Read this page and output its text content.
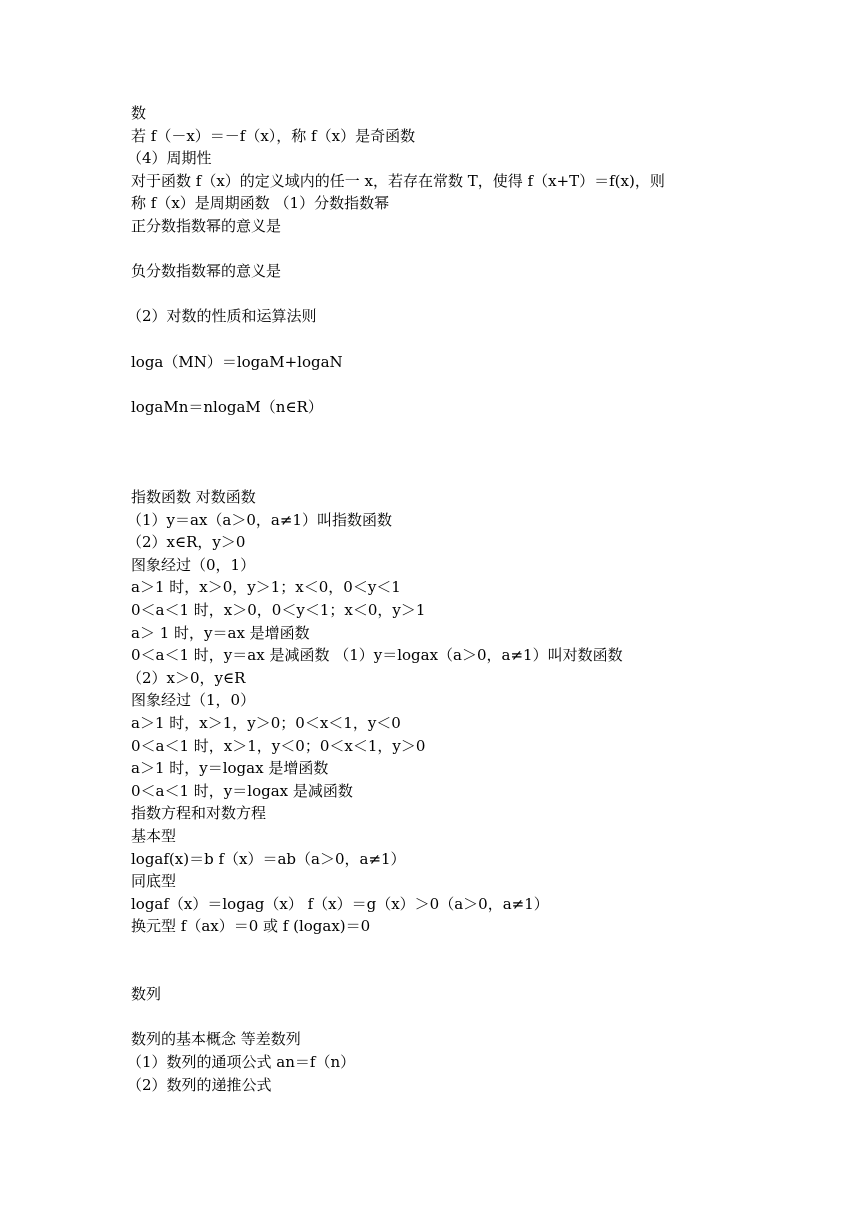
数
若 f（－x）＝－f（x），称 f（x）是奇函数
（4）周期性
对于函数 f（x）的定义域内的任一 x，若存在常数 T，使得 f（x+T）＝f(x)，则
称 f（x）是周期函数 （1）分数指数幂
正分数指数幂的意义是
负分数指数幂的意义是
（2）对数的性质和运算法则
loga（MN）＝logaM+logaN
logaMn＝nlogaM（n∈R）
指数函数 对数函数
（1）y＝ax（a＞0，a≠1）叫指数函数
（2）x∈R，y＞0
图象经过（0，1）
a＞1 时，x＞0，y＞1；x＜0，0＜y＜1
0＜a＜1 时，x＞0，0＜y＜1；x＜0，y＞1
a＞ 1 时，y＝ax 是增函数
0＜a＜1 时，y＝ax 是减函数 （1）y＝logax（a＞0，a≠1）叫对数函数
（2）x＞0，y∈R
图象经过（1，0）
a＞1 时，x＞1，y＞0；0＜x＜1，y＜0
0＜a＜1 时，x＞1，y＜0；0＜x＜1，y＞0
a＞1 时，y＝logax 是增函数
0＜a＜1 时，y＝logax 是减函数
指数方程和对数方程
基本型
logaf(x)＝b f（x）＝ab（a＞0，a≠1）
同底型
logaf（x）＝logag（x） f（x）＝g（x）＞0（a＞0，a≠1）
换元型 f（ax）＝0 或 f (logax)＝0
数列
数列的基本概念 等差数列
（1）数列的通项公式 an＝f（n）
（2）数列的递推公式
